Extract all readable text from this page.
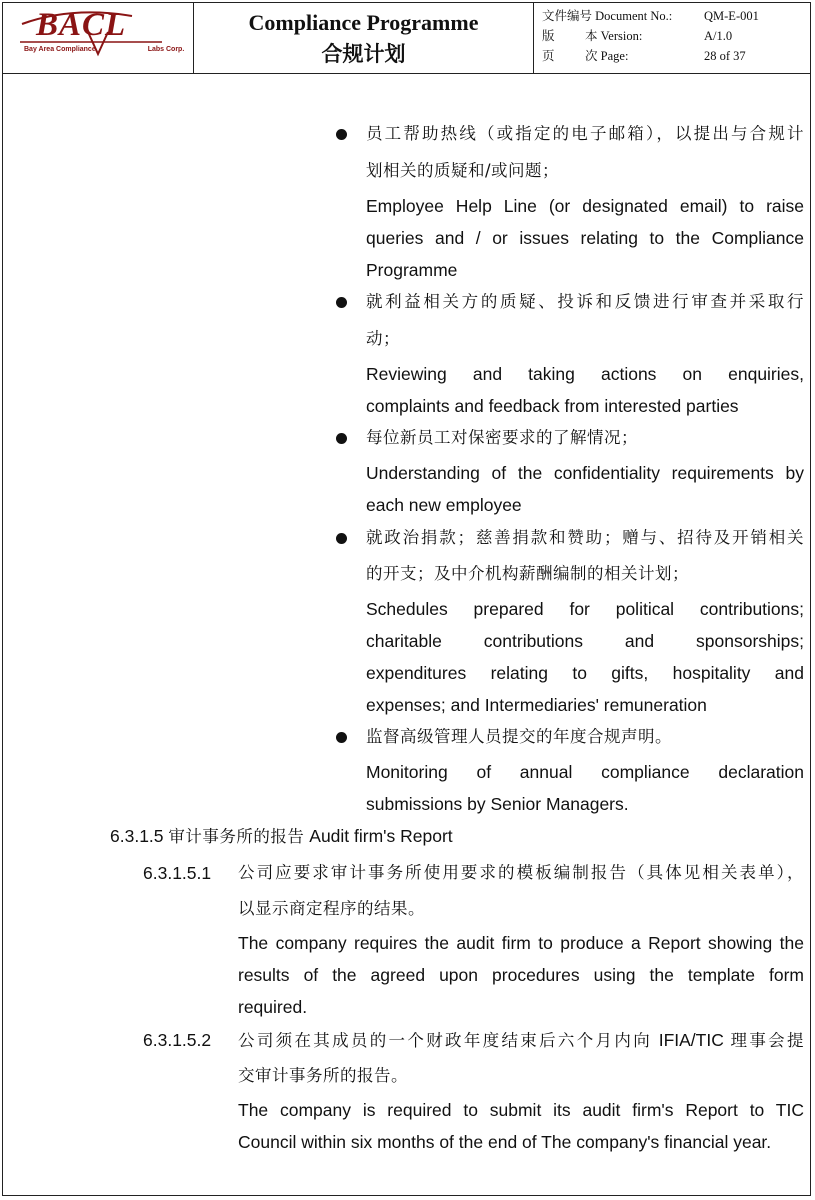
BACL
Bay Area Compliance	Labs Corp.
Compliance Programme
合规计划
文件编号 Document No.:	QM-E-001
版 本 Version:	A/1.0
页 次 Page:	28 of 37
员工帮助热线（或指定的电子邮箱），以提出与合规计
划相关的质疑和/或问题；
Employee Help Line (or designated email) to raise
queries and / or issues relating to the Compliance
Programme
就利益相关方的质疑、投诉和反馈进行审查并采取行
动；
Reviewing and taking actions on enquiries,
complaints and feedback from interested parties
每位新员工对保密要求的了解情况；
Understanding of the confidentiality requirements by
each new employee
就政治捐款；慈善捐款和赞助；赠与、招待及开销相关
的开支；及中介机构薪酬编制的相关计划；
Schedules prepared for political contributions;
charitable contributions and sponsorships;
expenditures relating to gifts, hospitality and
expenses; and Intermediaries' remuneration
监督高级管理人员提交的年度合规声明。
Monitoring of annual compliance declaration
submissions by Senior Managers.
6.3.1.5 审计事务所的报告 Audit firm's Report
6.3.1.5.1 公司应要求审计事务所使用要求的模板编制报告（具体见相关表单），
以显示商定程序的结果。
The company requires the audit firm to produce a Report showing the
results of the agreed upon procedures using the template form
required.
6.3.1.5.2 公司须在其成员的一个财政年度结束后六个月内向 IFIA/TIC 理事会提
交审计事务所的报告。
The company is required to submit its audit firm's Report to TIC
Council within six months of the end of The company's financial year.
